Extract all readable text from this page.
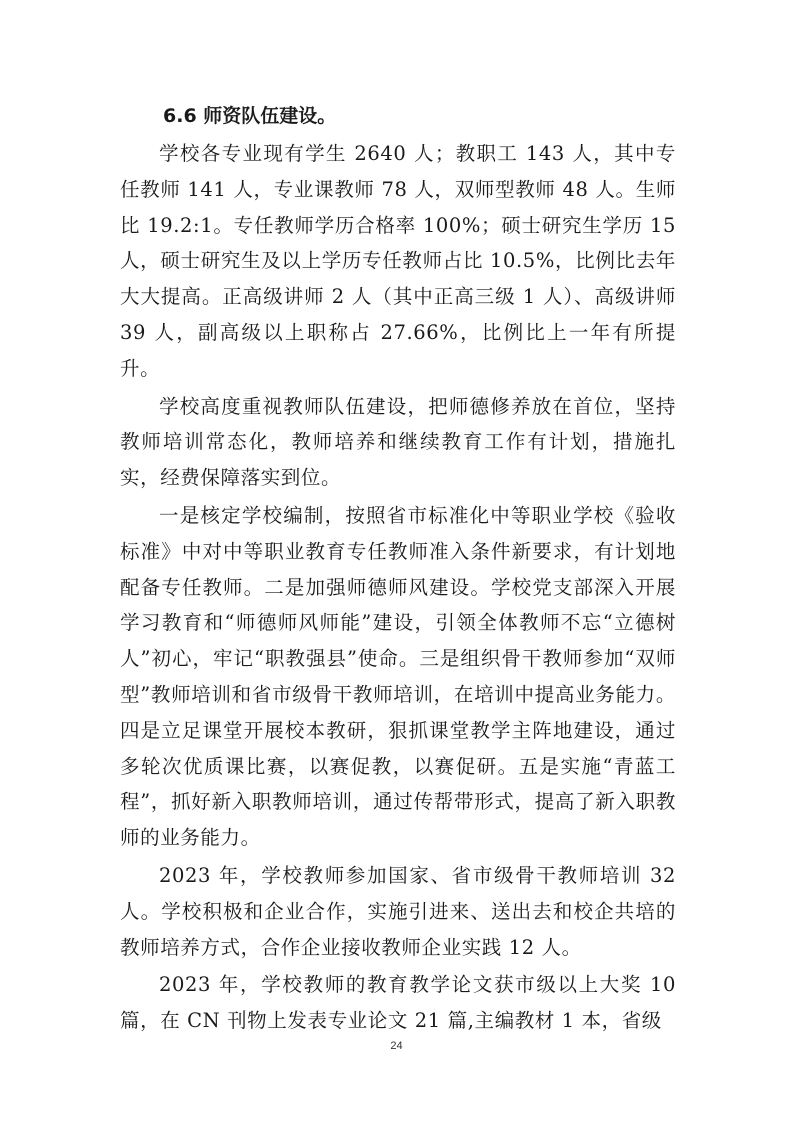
6.6 师资队伍建设。

学校各专业现有学生 2640 人；教职工 143 人，其中专任教师 141 人，专业课教师 78 人，双师型教师 48 人。生师比 19.2:1。专任教师学历合格率 100%；硕士研究生学历 15 人，硕士研究生及以上学历专任教师占比 10.5%，比例比去年大大提高。正高级讲师 2 人（其中正高三级 1 人）、高级讲师 39 人，副高级以上职称占 27.66%，比例比上一年有所提升。

学校高度重视教师队伍建设，把师德修养放在首位，坚持教师培训常态化，教师培养和继续教育工作有计划，措施扎实，经费保障落实到位。

一是核定学校编制，按照省市标准化中等职业学校《验收标准》中对中等职业教育专任教师准入条件新要求，有计划地配备专任教师。二是加强师德师风建设。学校党支部深入开展学习教育和“师德师风师能”建设，引领全体教师不忘“立德树人”初心，牢记“职教强县”使命。三是组织骨干教师参加“双师型”教师培训和省市级骨干教师培训，在培训中提高业务能力。四是立足课堂开展校本教研，狠抓课堂教学主阵地建设，通过多轮次优质课比赛，以赛促教，以赛促研。五是实施“青蓝工程”，抓好新入职教师培训，通过传帮带形式，提高了新入职教师的业务能力。

2023 年，学校教师参加国家、省市级骨干教师培训 32 人。学校积极和企业合作，实施引进来、送出去和校企共培的教师培养方式，合作企业接收教师企业实践 12 人。

2023 年，学校教师的教育教学论文获市级以上大奖 10 篇，在 CN 刊物上发表专业论文 21 篇,主编教材 1 本，省级

24
